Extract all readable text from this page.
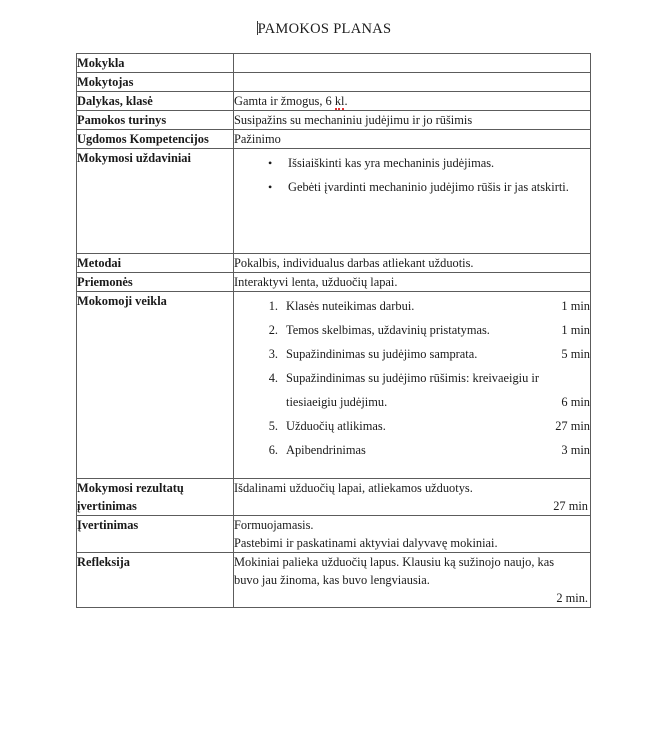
PAMOKOS PLANAS
Mokykla	
Mokytojas	
Dalykas, klasė	Gamta ir žmogus, 6 kl.
Pamokos turinys	Susipažins su mechaniniu judėjimu ir jo rūšimis
Ugdomos Kompetencijos	Pažinimo
Mokymosi uždaviniai	
•Išsiaiškinti kas yra mechaninis judėjimas.
• Gebėti įvardinti mechaninio judėjimo rūšis ir jas atskirti.

Metodai	Pokalbis, individualus darbas atliekant užduotis.
Priemonės	Interaktyvi lenta, užduočių lapai.
Mokomoji veikla	Klasės nuteikimas darbui.	1 min
Temos skelbimas, uždavinių pristatymas.	1 min
Supažindinimas su judėjimo samprata.	5 min
Supažindinimas su judėjimo rūšimis: kreivaeigiu ir
tiesiaeigiu judėjimu.	6 min
Užduočių atlikimas.	27 min
Apibendrinimas	3 min

Mokymosi rezultatų
įvertinimas	Išdalinami užduočių lapai, atliekamos užduotys.
27 min

Įvertinimas	Formuojamasis.
Pastebimi ir paskatinami aktyviai dalyvavę mokiniai.

Refleksija	Mokiniai palieka užduočių lapus. Klausiu ką sužinojo naujo, kas
buvo jau žinoma, kas buvo lengviausia.
2 min.
